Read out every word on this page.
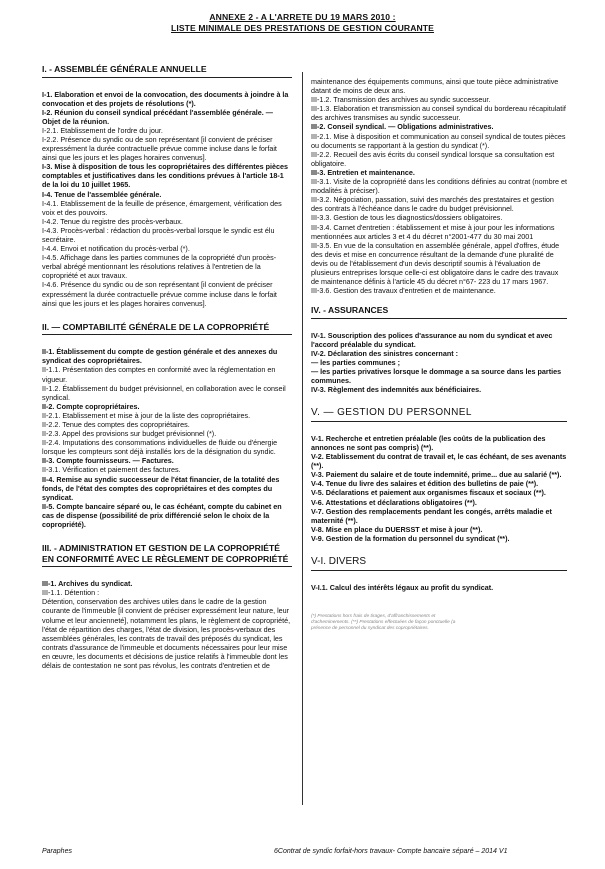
ANNEXE 2 - A L'ARRETE DU 19 MARS 2010 :
LISTE MINIMALE DES PRESTATIONS DE GESTION COURANTE

I. - ASSEMBLÉE GÉNÉRALE ANNUELLE

I-1. Elaboration et envoi de la convocation, des documents à joindre à la convocation et des projets de résolutions (*).

I-2. Réunion du conseil syndical précédant l'assemblée générale. — Objet de la réunion.

I-2.1. Etablissement de l'ordre du jour.

I-2.2. Présence du syndic ou de son représentant [il convient de préciser expressément la durée contractuelle prévue comme incluse dans le forfait ainsi que les jours et les plages horaires convenus].

I-3. Mise à disposition de tous les copropriétaires des différentes pièces comptables et justificatives dans les conditions prévues à l'article 18-1 de la loi du 10 juillet 1965.

I-4. Tenue de l'assemblée générale.

I-4.1. Etablissement de la feuille de présence, émargement, vérification des voix et des pouvoirs.

I-4.2. Tenue du registre des procès-verbaux.

I-4.3. Procès-verbal : rédaction du procès-verbal lorsque le syndic est élu secrétaire.

I-4.4. Envoi et notification du procès-verbal (*).

I-4.5. Affichage dans les parties communes de la copropriété d'un procès-verbal abrégé mentionnant les résolutions relatives à l'entretien de la copropriété et aux travaux.

I-4.6. Présence du syndic ou de son représentant [il convient de préciser expressément la durée contractuelle prévue comme incluse dans le forfait ainsi que les jours et les plages horaires convenus].

II. — COMPTABILITÉ GÉNÉRALE DE LA COPROPRIÉTÉ

II-1. Établissement du compte de gestion générale et des annexes du syndicat des copropriétaires.

II-1.1. Présentation des comptes en conformité avec la réglementation en vigueur.

II-1.2. Établissement du budget prévisionnel, en collaboration avec le conseil syndical.

II-2. Compte copropriétaires.

II-2.1. Etablissement et mise à jour de la liste des copropriétaires.

II-2.2. Tenue des comptes des copropriétaires.

II-2.3. Appel des provisions sur budget prévisionnel (*).

II-2.4. Imputations des consommations individuelles de fluide ou d'énergie lorsque les compteurs sont déjà installés lors de la désignation du syndic.

II-3. Compte fournisseurs. — Factures.

II-3.1. Vérification et paiement des factures.

II-4. Remise au syndic successeur de l'état financier, de la totalité des fonds, de l'état des comptes des copropriétaires et des comptes du syndicat.

II-5. Compte bancaire séparé ou, le cas échéant, compte du cabinet en cas de dispense (possibilité de prix différencié selon le choix de la copropriété).

III. - ADMINISTRATION ET GESTION DE LA COPROPRIÉTÉ EN CONFORMITÉ AVEC LE RÈGLEMENT DE COPROPRIÉTÉ

III-1. Archives du syndicat.

III-1.1. Détention :

Détention, conservation des archives utiles dans le cadre de la gestion courante de l'immeuble [il convient de préciser expressément leur nature, leur volume et leur ancienneté], notamment les plans, le règlement de copropriété, l'état de répartition des charges, l'état de division, les procès-verbaux des assemblées générales, les contrats de travail des préposés du syndicat, les contrats d'assurance de l'immeuble et documents nécessaires pour leur mise en œuvre, les documents et décisions de justice relatifs à l'immeuble dont les délais de contestation ne sont pas révolus, les contrats d'entretien et de

maintenance des équipements communs, ainsi que toute pièce administrative datant de moins de deux ans.

III-1.2. Transmission des archives au syndic successeur.

III-1.3. Elaboration et transmission au conseil syndical du bordereau récapitulatif des archives transmises au syndic successeur.

III-2. Conseil syndical. — Obligations administratives.

III-2.1. Mise à disposition et communication au conseil syndical de toutes pièces ou documents se rapportant à la gestion du syndicat (*).

III-2.2. Recueil des avis écrits du conseil syndical lorsque sa consultation est obligatoire.

III-3. Entretien et maintenance.

III-3.1. Visite de la copropriété dans les conditions définies au contrat (nombre et modalités à préciser).

III-3.2. Négociation, passation, suivi des marchés des prestataires et gestion des contrats à l'échéance dans le cadre du budget prévisionnel.

III-3.3. Gestion de tous les diagnostics/dossiers obligatoires.

III-3.4. Carnet d'entretien : établissement et mise à jour pour les informations mentionnées aux articles 3 et 4 du décret n°2001-477 du 30 mai 2001

III-3.5. En vue de la consultation en assemblée générale, appel d'offres, étude des devis et mise en concurrence résultant de la demande d'une pluralité de devis ou de l'établissement d'un devis descriptif soumis à l'évaluation de plusieurs entreprises lorsque celle-ci est obligatoire dans le cadre des travaux de maintenance définis à l'article 45 du décret n°67- 223 du 17 mars 1967.

III-3.6. Gestion des travaux d'entretien et de maintenance.

IV. - ASSURANCES

IV-1. Souscription des polices d'assurance au nom du syndicat et avec l'accord préalable du syndicat.

IV-2. Déclaration des sinistres concernant :

— les parties communes ;

— les parties privatives lorsque le dommage a sa source dans les parties communes.

IV-3. Règlement des indemnités aux bénéficiaires.

V. — GESTION DU PERSONNEL

V-1. Recherche et entretien préalable (les coûts de la publication des annonces ne sont pas compris) (**).

V-2. Etablissement du contrat de travail et, le cas échéant, de ses avenants (**).

V-3. Paiement du salaire et de toute indemnité, prime... due au salarié (**).

V-4. Tenue du livre des salaires et édition des bulletins de paie (**).

V-5. Déclarations et paiement aux organismes fiscaux et sociaux (**).

V-6. Attestations et déclarations obligatoires (**).

V-7. Gestion des remplacements pendant les congés, arrêts maladie et maternité (**).

V-8. Mise en place du DUERSST et mise à jour (**).

V-9. Gestion de la formation du personnel du syndicat (**).

V-I. DIVERS

V-I.1. Calcul des intérêts légaux au profit du syndicat.

(*) Prestations hors frais de tirages, d'affranchissements et d'acheminements. (**) Prestations effectuées de façon ponctuelle (a présence de personnel du syndicat des copropriétaires.
Paraphes	6Contrat de syndic forfait-hors travaux- Compte bancaire séparé – 2014 V1
